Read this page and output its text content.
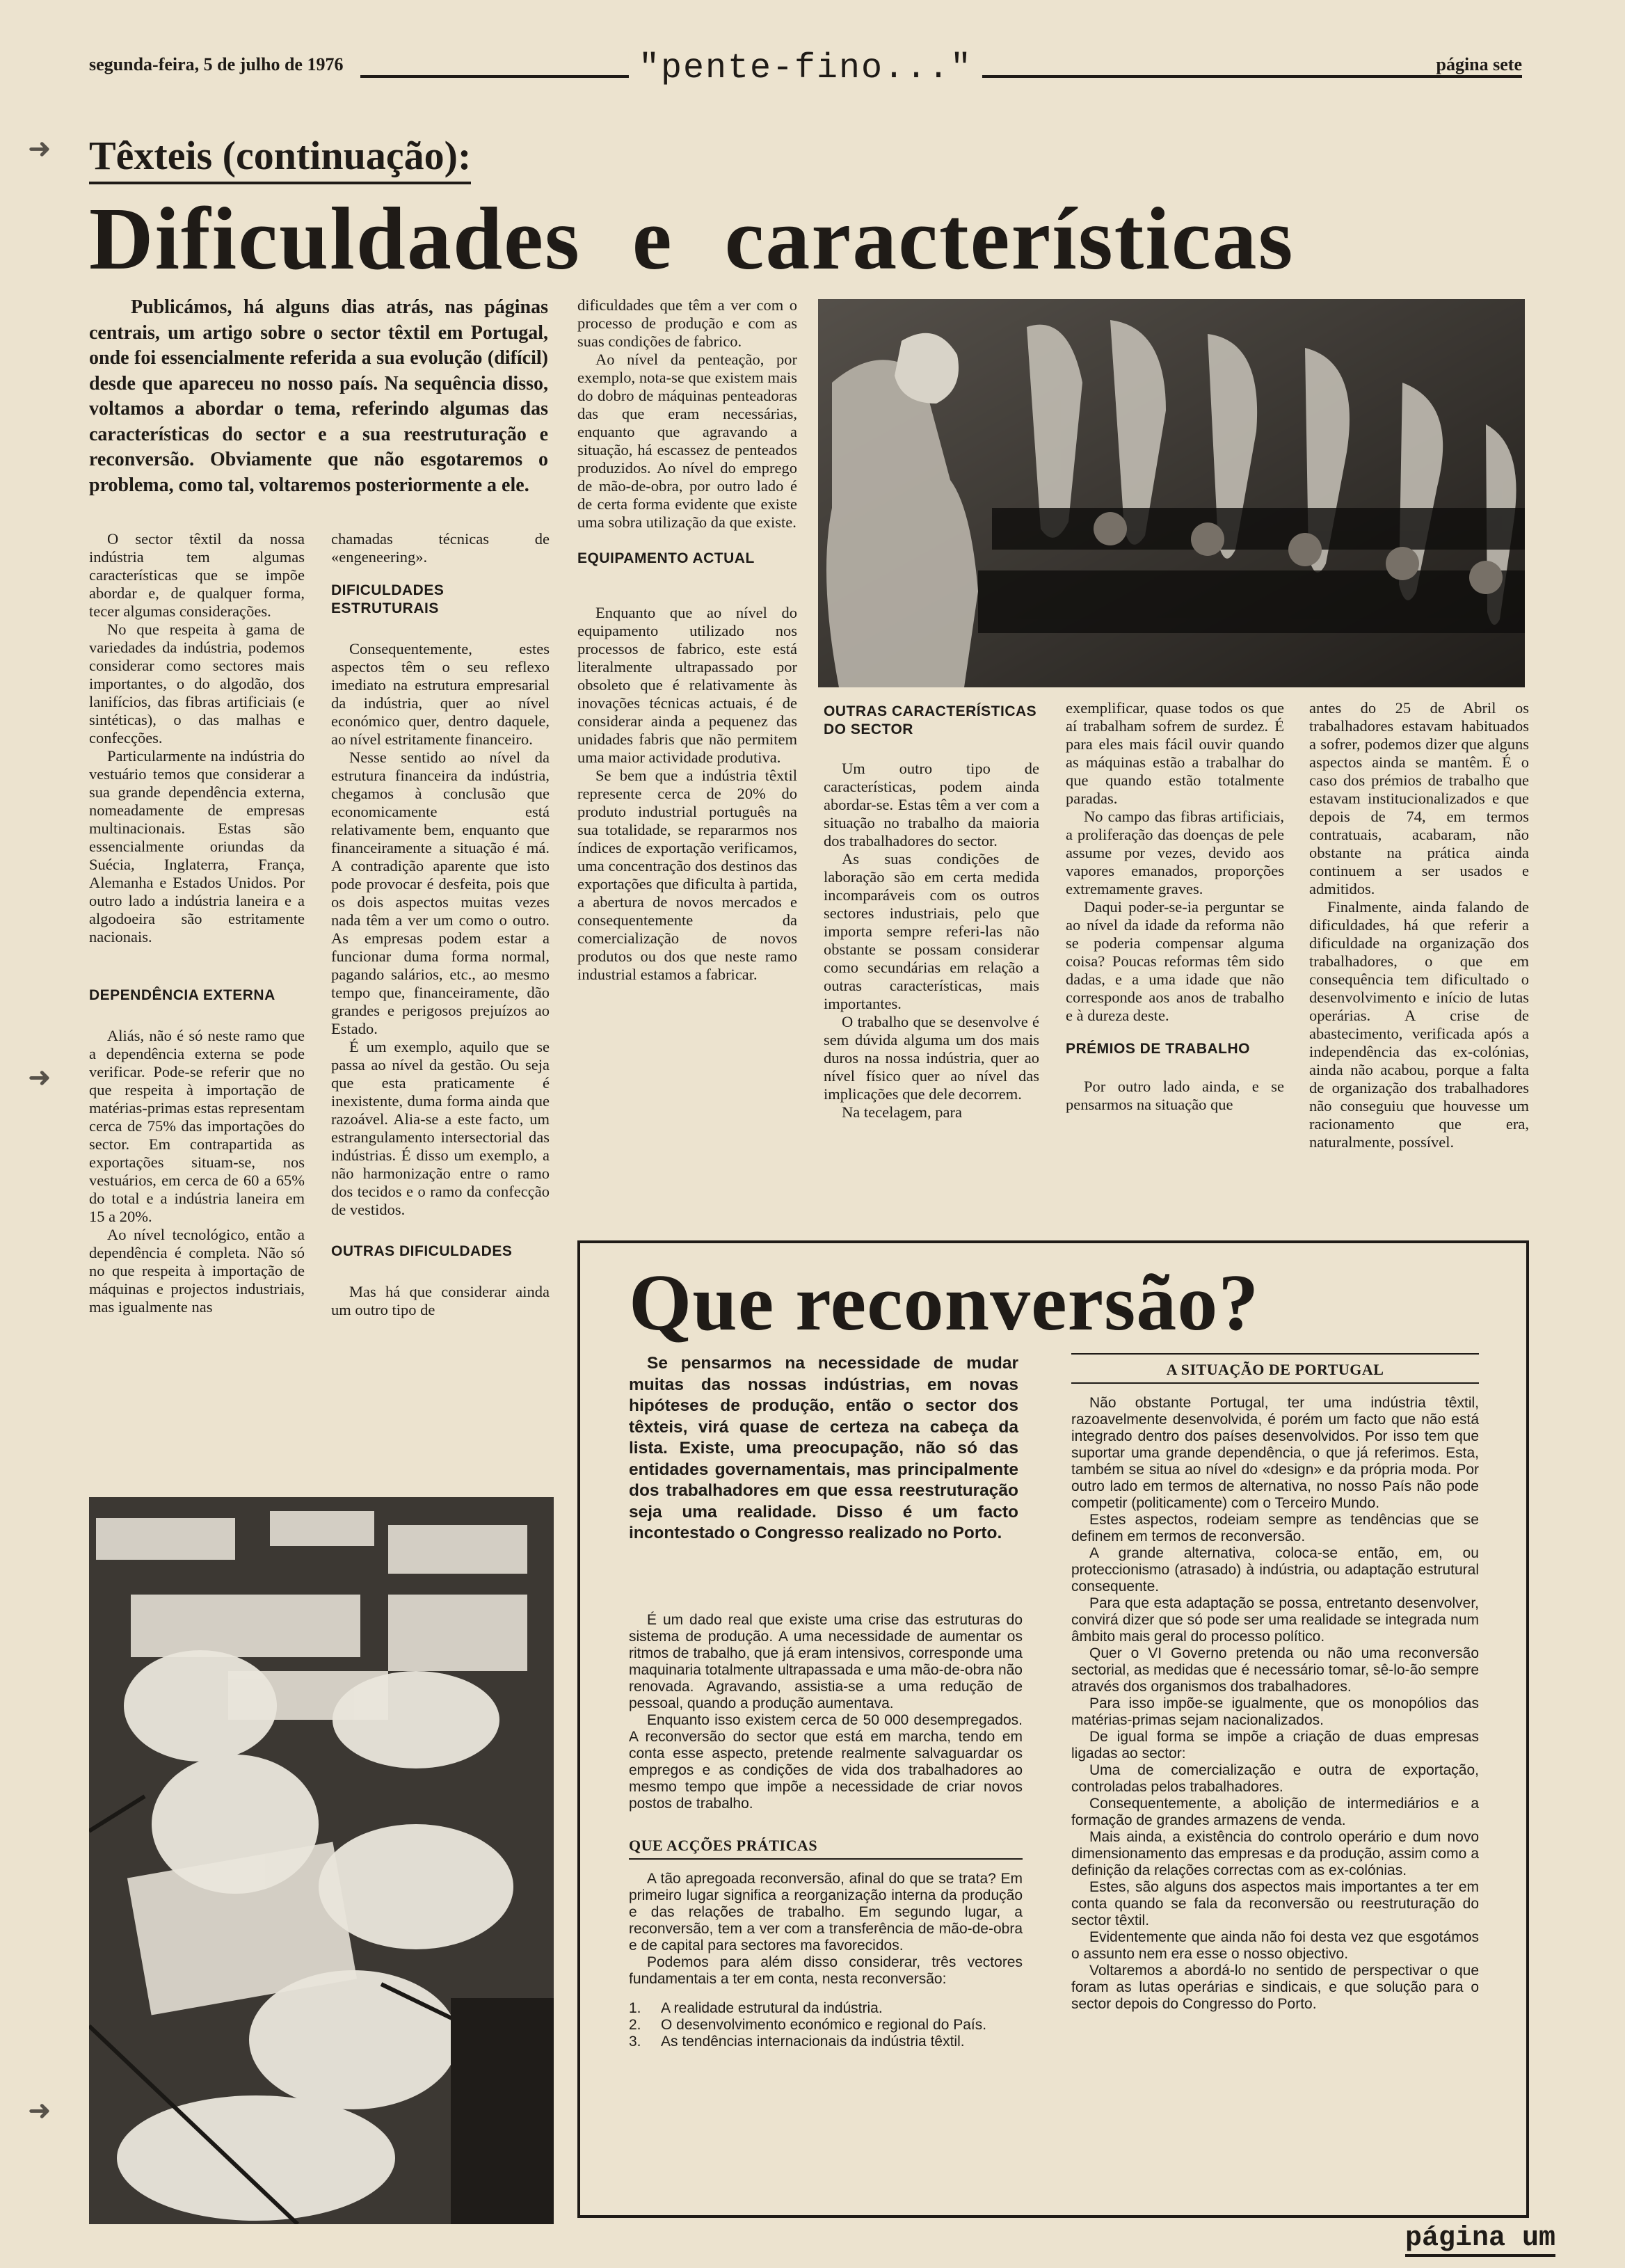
segunda-feira, 5 de julho de 1976	"pente-fino..."	página sete
➜
➜
➜
Têxteis (continuação):
Dificuldades e características
Publicámos, há alguns dias atrás, nas páginas centrais, um artigo sobre o sector têxtil em Portugal, onde foi essencialmente referida a sua evolução (difícil) desde que apareceu no nosso país. Na sequência disso, voltamos a abordar o tema, referindo algumas das características do sector e a sua reestruturação e reconversão. Obviamente que não esgotaremos o problema, como tal, voltaremos posteriormente a ele.

O sector têxtil da nossa indústria tem algumas características que se impõe abordar e, de qualquer forma, tecer algumas considerações.

No que respeita à gama de variedades da indústria, podemos considerar como sectores mais importantes, o do algodão, dos lanifícios, das fibras artificiais (e sintéticas), o das malhas e confecções.

Particularmente na indústria do vestuário temos que considerar a sua grande dependência externa, nomeadamente de empresas multinacionais. Estas são essencialmente oriundas da Suécia, Inglaterra, França, Alemanha e Estados Unidos. Por outro lado a indústria laneira e a algodoeira são estritamente nacionais.

DEPENDÊNCIA EXTERNA

Aliás, não é só neste ramo que a dependência externa se pode verificar. Pode-se referir que no que respeita à importação de matérias-primas estas representam cerca de 75% das importações do sector. Em contrapartida as exportações situam-se, nos vestuários, em cerca de 60 a 65% do total e a indústria laneira em 15 a 20%.

Ao nível tecnológico, então a dependência é completa. Não só no que respeita à importação de máquinas e projectos industriais, mas igualmente nas

chamadas técnicas de «engeneering».

DIFICULDADES ESTRUTURAIS

Consequentemente, estes aspectos têm o seu reflexo imediato na estrutura empresarial da indústria, quer ao nível económico quer, dentro daquele, ao nível estritamente financeiro.

Nesse sentido ao nível da estrutura financeira da indústria, chegamos à conclusão que economicamente está relativamente bem, enquanto que financeiramente a situação é má. A contradição aparente que isto pode provocar é desfeita, pois que os dois aspectos muitas vezes nada têm a ver um como o outro. As empresas podem estar a funcionar duma forma normal, pagando salários, etc., ao mesmo tempo que, financeiramente, dão grandes e perigosos prejuízos ao Estado.

É um exemplo, aquilo que se passa ao nível da gestão. Ou seja que esta praticamente é inexistente, duma forma ainda que razoável. Alia-se a este facto, um estrangulamento intersectorial das indústrias. É disso um exemplo, a não harmonização entre o ramo dos tecidos e o ramo da confecção de vestidos.

OUTRAS DIFICULDADES

Mas há que considerar ainda um outro tipo de

dificuldades que têm a ver com o processo de produção e com as suas condições de fabrico.

Ao nível da penteação, por exemplo, nota-se que existem mais do dobro de máquinas penteadoras das que eram necessárias, enquanto que agravando a situação, há escassez de penteados produzidos. Ao nível do emprego de mão-de-obra, por outro lado é de certa forma evidente que existe uma sobra utilização da que existe.

EQUIPAMENTO ACTUAL

Enquanto que ao nível do equipamento utilizado nos processos de fabrico, este está literalmente ultrapassado por obsoleto que é relativamente às inovações técnicas actuais, é de considerar ainda a pequenez das unidades fabris que não permitem uma maior actividade produtiva.

Se bem que a indústria têxtil represente cerca de 20% do produto industrial português na sua totalidade, se repararmos nos índices de exportação verificamos, uma concentração dos destinos das exportações que dificulta à partida, a abertura de novos mercados e consequentemente da comercialização de novos produtos ou dos que neste ramo industrial estamos a fabricar.

OUTRAS CARACTERÍSTICAS DO SECTOR

Um outro tipo de características, podem ainda abordar-se. Estas têm a ver com a situação no trabalho da maioria dos trabalhadores do sector.

As suas condições de laboração são em certa medida incomparáveis com os outros sectores industriais, pelo que importa sempre referi-las não obstante se possam considerar como secundárias em relação a outras características, mais importantes.

O trabalho que se desenvolve é sem dúvida alguma um dos mais duros na nossa indústria, quer ao nível físico quer ao nível das implicações que dele decorrem.

Na tecelagem, para

exemplificar, quase todos os que aí trabalham sofrem de surdez. É para eles mais fácil ouvir quando as máquinas estão a trabalhar do que quando estão totalmente paradas.

No campo das fibras artificiais, a proliferação das doenças de pele assume por vezes, devido aos vapores emanados, proporções extremamente graves.

Daqui poder-se-ia perguntar se ao nível da idade da reforma não se poderia compensar alguma coisa? Poucas reformas têm sido dadas, e a uma idade que não corresponde aos anos de trabalho e à dureza deste.

PRÉMIOS DE TRABALHO

Por outro lado ainda, e se pensarmos na situação que

antes do 25 de Abril os trabalhadores estavam habituados a sofrer, podemos dizer que alguns aspectos ainda se mantêm. É o caso dos prémios de trabalho que estavam institucionalizados e que depois de 74, em termos contratuais, acabaram, não obstante na prática ainda continuem a ser usados e admitidos.

Finalmente, ainda falando de dificuldades, há que referir a dificuldade na organização dos trabalhadores, o que em consequência tem dificultado o desenvolvimento e início de lutas operárias. A crise de abastecimento, verificada após a independência das ex-colónias, ainda não acabou, porque a falta de organização dos trabalhadores não conseguiu que houvesse um racionamento que era, naturalmente, possível.

Que reconversão?
Se pensarmos na necessidade de mudar muitas das nossas indústrias, em novas hipóteses de produção, então o sector dos têxteis, virá quase de certeza na cabeça da lista. Existe, uma preocupação, não só das entidades governamentais, mas principalmente dos trabalhadores em que essa reestruturação seja uma realidade. Disso é um facto incontestado o Congresso realizado no Porto.

É um dado real que existe uma crise das estruturas do sistema de produção. A uma necessidade de aumentar os ritmos de trabalho, que já eram intensivos, corresponde uma maquinaria totalmente ultrapassada e uma mão-de-obra não renovada. Agravando, assistia-se a uma redução de pessoal, quando a produção aumentava.

Enquanto isso existem cerca de 50 000 desempregados. A reconversão do sector que está em marcha, tendo em conta esse aspecto, pretende realmente salvaguardar os empregos e as condições de vida dos trabalhadores ao mesmo tempo que impõe a necessidade de criar novos postos de trabalho.

QUE ACÇÕES PRÁTICAS

A tão apregoada reconversão, afinal do que se trata? Em primeiro lugar significa a reorganização interna da produção e das relações de trabalho. Em segundo lugar, a reconversão, tem a ver com a transferência de mão-de-obra e de capital para sectores ma favorecidos.

Podemos para além disso considerar, três vectores fundamentais a ter em conta, nesta reconversão:

1.	A realidade estrutural da indústria.
2.	O desenvolvimento económico e regional do País.
3.	As tendências internacionais da indústria têxtil.
A SITUAÇÃO DE PORTUGAL

Não obstante Portugal, ter uma indústria têxtil, razoavelmente desenvolvida, é porém um facto que não está integrado dentro dos países desenvolvidos. Por isso tem que suportar uma grande dependência, o que já referimos. Esta, também se situa ao nível do «design» e da própria moda. Por outro lado em termos de alternativa, no nosso País não pode competir (politicamente) com o Terceiro Mundo.

Estes aspectos, rodeiam sempre as tendências que se definem em termos de reconversão.

A grande alternativa, coloca-se então, em, ou proteccionismo (atrasado) à indústria, ou adaptação estrutural consequente.

Para que esta adaptação se possa, entretanto desenvolver, convirá dizer que só pode ser uma realidade se integrada num âmbito mais geral do processo político.

Quer o VI Governo pretenda ou não uma reconversão sectorial, as medidas que é necessário tomar, sê-lo-ão sempre através dos organismos dos trabalhadores.

Para isso impõe-se igualmente, que os monopólios das matérias-primas sejam nacionalizados.

De igual forma se impõe a criação de duas empresas ligadas ao sector:

Uma de comercialização e outra de exportação, controladas pelos trabalhadores.

Consequentemente, a abolição de intermediários e a formação de grandes armazens de venda.

Mais ainda, a existência do controlo operário e dum novo dimensionamento das empresas e da produção, assim como a definição da relações correctas com as ex-colónias.

Estes, são alguns dos aspectos mais importantes a ter em conta quando se fala da reconversão ou reestruturação do sector têxtil.

Evidentemente que ainda não foi desta vez que esgotámos o assunto nem era esse o nosso objectivo.

Voltaremos a abordá-lo no sentido de perspectivar o que foram as lutas operárias e sindicais, e que solução para o sector depois do Congresso do Porto.

página um
